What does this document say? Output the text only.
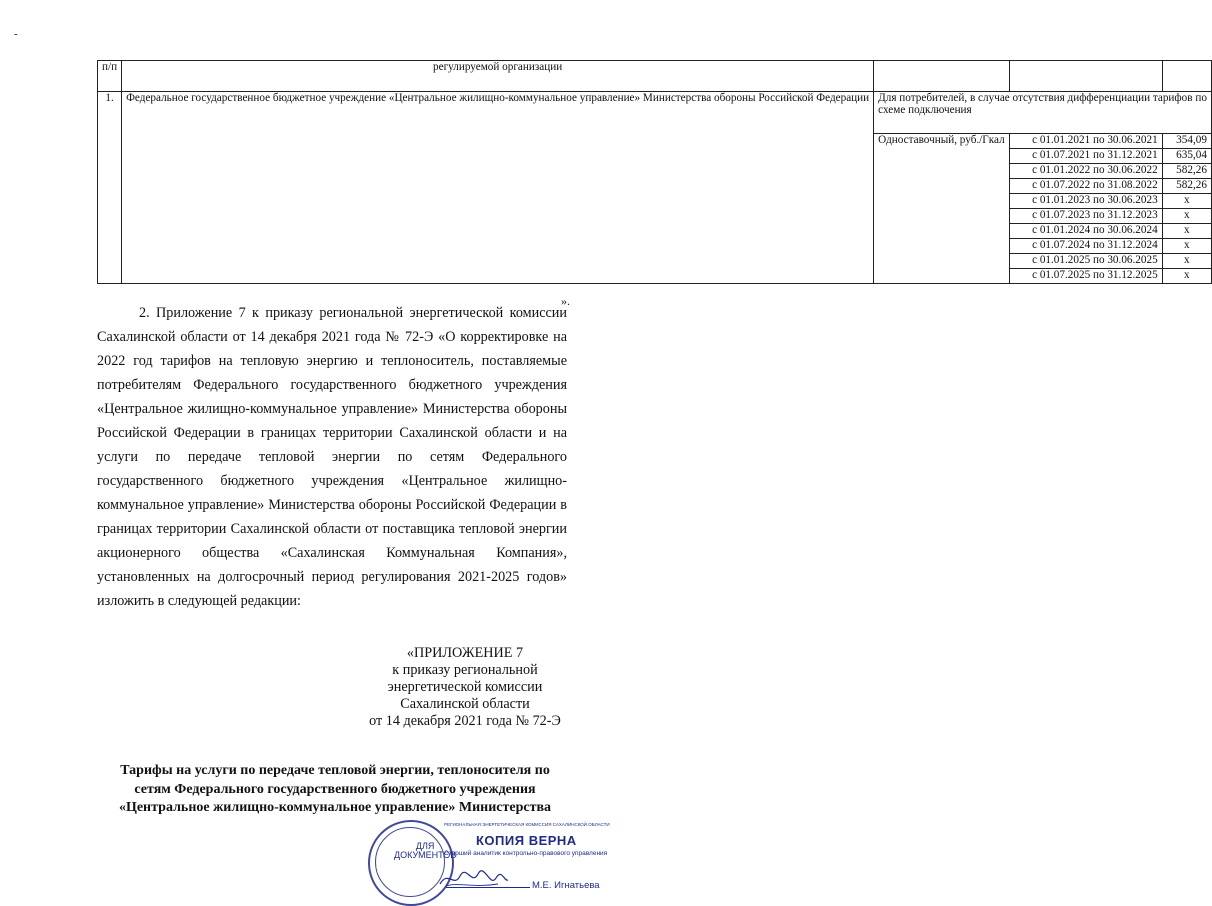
-
п/п	регулируемой организации			
1.	Федеральное государственное бюджетное учреждение «Центральное жилищно-коммунальное управление» Министерства обороны Российской Федерации	Для потребителей, в случае отсутствия дифференциации тарифов по
схеме подключения		
		Одноставочный, руб./Гкал	с 01.01.2021 по 30.06.2021	354,09
			с 01.07.2021 по 31.12.2021	635,04
			с 01.01.2022 по 30.06.2022	582,26
			с 01.07.2022 по 31.08.2022	582,26
			с 01.01.2023 по 30.06.2023	х
			с 01.07.2023 по 31.12.2023	х
			с 01.01.2024 по 30.06.2024	х
			с 01.07.2024 по 31.12.2024	х
			с 01.01.2025 по 30.06.2025	х
			с 01.07.2025 по 31.12.2025	х
».

2. Приложение 7 к приказу региональной энергетической комиссии Сахалинской области от 14 декабря 2021 года № 72-Э «О корректировке на 2022 год тарифов на тепловую энергию и теплоноситель, поставляемые потребителям Федерального государственного бюджетного учреждения «Центральное жилищно-коммунальное управление» Министерства обороны Российской Федерации в границах территории Сахалинской области и на услуги по передаче тепловой энергии по сетям Федерального государственного бюджетного учреждения «Центральное жилищно-коммунальное управление» Министерства обороны Российской Федерации в границах территории Сахалинской области от поставщика тепловой энергии акционерного общества «Сахалинская Коммунальная Компания», установленных на долгосрочный период регулирования 2021-2025 годов» изложить в следующей редакции:

«ПРИЛОЖЕНИЕ 7
к приказу региональной
энергетической комиссии
Сахалинской области
от 14 декабря 2021 года № 72-Э
Тарифы на услуги по передаче тепловой энергии, теплоносителя по
сетям Федерального государственного бюджетного учреждения
«Центральное жилищно-коммунальное управление» Министерства
ДЛЯ
ДОКУМЕНТОВ
РЕГИОНАЛЬНАЯ ЭНЕРГЕТИЧЕСКАЯ КОМИССИЯ САХАЛИНСКОЙ ОБЛАСТИ
КОПИЯ ВЕРНА
Старший аналитик контрольно-правового управления
М.Е. Игнатьева
